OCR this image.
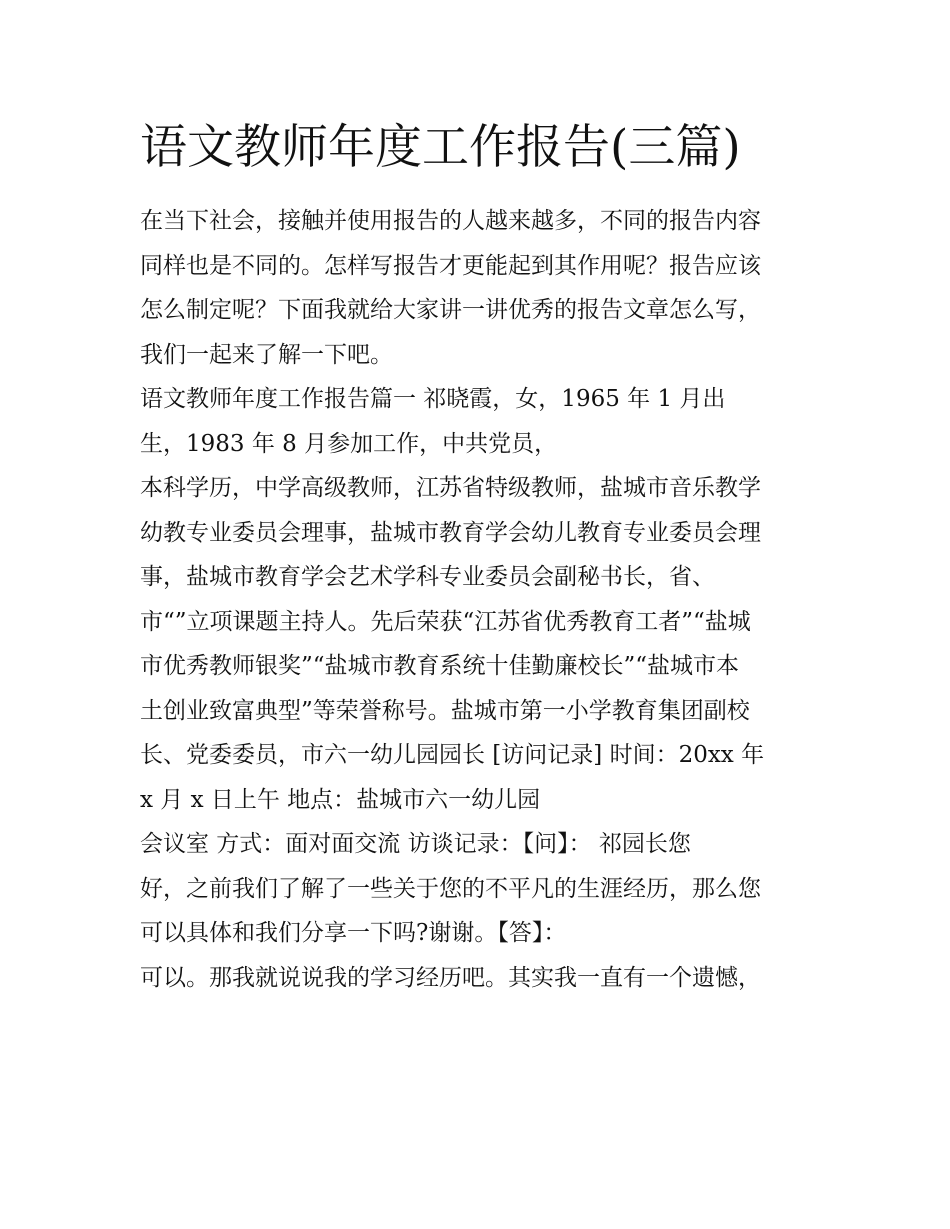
语文教师年度工作报告(三篇)
在当下社会，接触并使用报告的人越来越多，不同的报告内容
同样也是不同的。怎样写报告才更能起到其作用呢？报告应该
怎么制定呢？下面我就给大家讲一讲优秀的报告文章怎么写，
我们一起来了解一下吧。
语文教师年度工作报告篇一 祁晓霞，女，1965 年 1 月出
生，1983 年 8 月参加工作，中共党员，
本科学历，中学高级教师，江苏省特级教师，盐城市音乐教学
幼教专业委员会理事，盐城市教育学会幼儿教育专业委员会理
事，盐城市教育学会艺术学科专业委员会副秘书长，省、
市“”立项课题主持人。先后荣获“江苏省优秀教育工者”“盐城
市优秀教师银奖”“盐城市教育系统十佳勤廉校长”“盐城市本
土创业致富典型”等荣誉称号。盐城市第一小学教育集团副校
长、党委委员，市六一幼儿园园长 [访问记录] 时间：20xx 年
x 月 x 日上午 地点：盐城市六一幼儿园
会议室 方式：面对面交流 访谈记录：【问】： 祁园长您
好，之前我们了解了一些关于您的不平凡的生涯经历，那么您
可以具体和我们分享一下吗?谢谢。【答】：
可以。那我就说说我的学习经历吧。其实我一直有一个遗憾，
